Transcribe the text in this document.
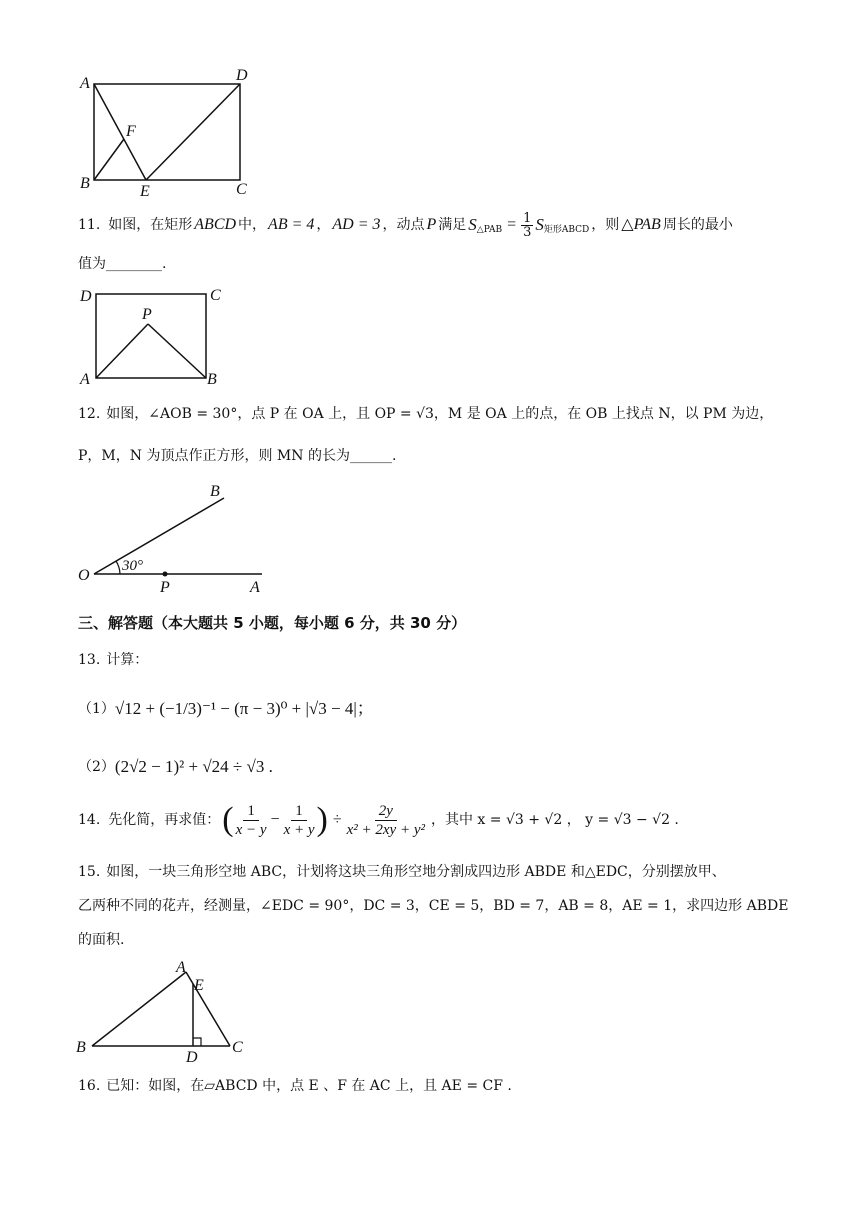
A	D
F
B	E	C
11. 如图，在矩形 ABCD 中， AB = 4 ， AD = 3 ，动点 P 满足 S △PAB = $\frac{1}{3}$ S 矩形ABCD ，则 △PAB 周长的最小
值为________.
D	C
P
A	B
12. 如图，∠AOB = 30°，点 P 在 OA 上，且 OP = √3，M 是 OA 上的点，在 OB 上找点 N，以 PM 为边，
P，M，N 为顶点作正方形，则 MN 的长为______.
B
O
30°
P	A
三、解答题（本大题共 5 小题，每小题 6 分，共 30 分）
13. 计算：
（1） √12 + (−1/3)⁻¹ − (π − 3)⁰ + |√3 − 4|；
（2） (2√2 − 1)² + √24 ÷ √3 .
14. 先化简，再求值： ( 1
x − y
− $\frac{1}{x + y}$ ) ÷ $\frac{2y}{\text{x² + 2xy + y²}}$ ，其中 x = √3 + √2 ， y = √3 − √2 .
15. 如图，一块三角形空地 ABC，计划将这块三角形空地分割成四边形 ABDE 和△EDC，分别摆放甲、
乙两种不同的花卉，经测量，∠EDC = 90°，DC = 3，CE = 5，BD = 7，AB = 8，AE = 1，求四边形 ABDE
的面积.
A
E
B
D
C
16. 已知：如图，在▱ABCD 中，点 E 、F 在 AC 上，且 AE = CF .
